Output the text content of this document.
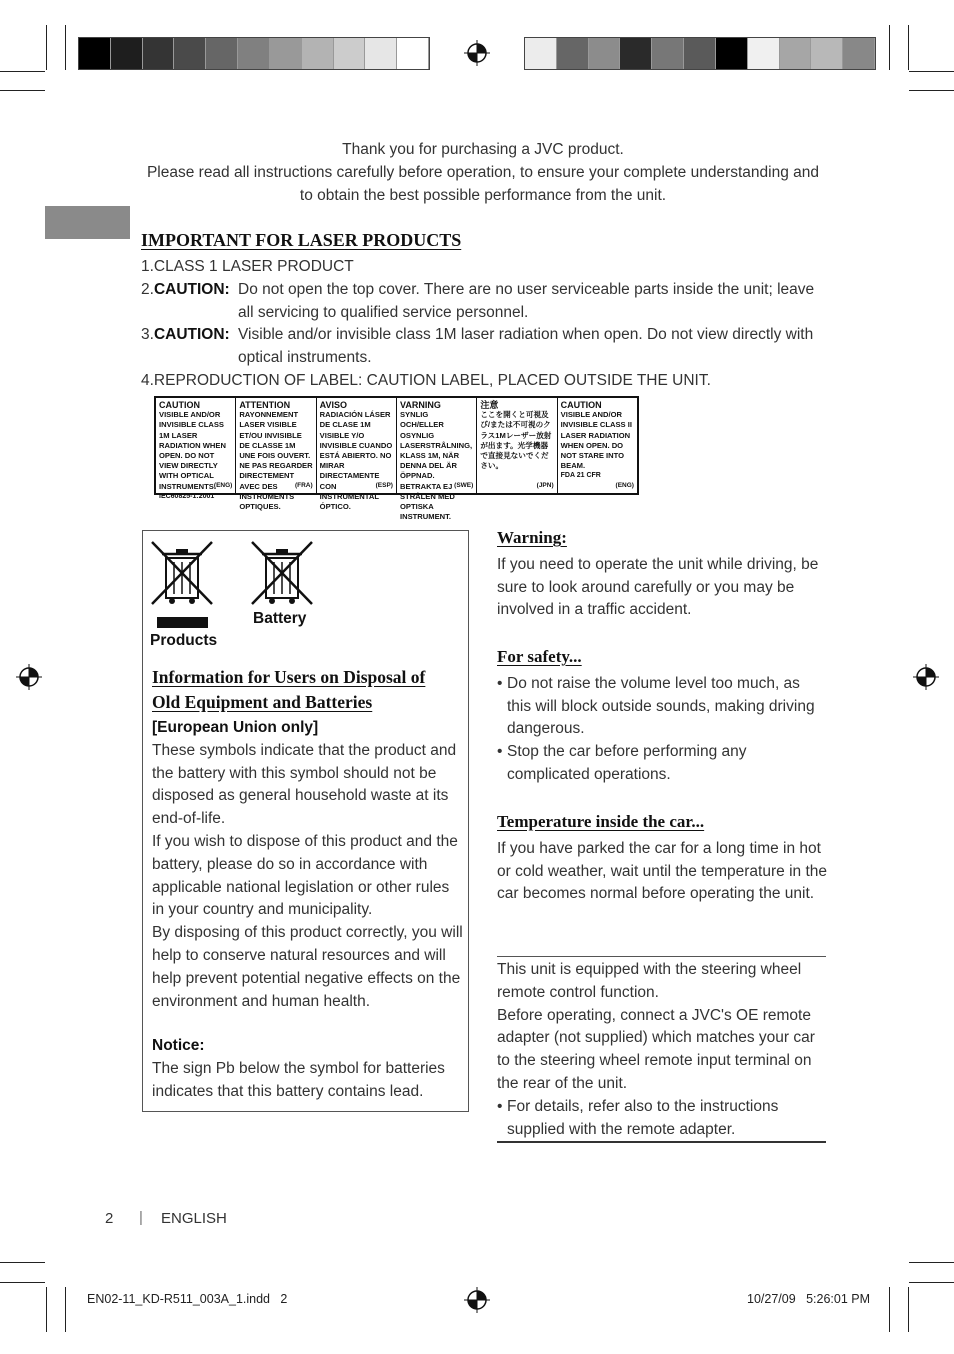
Thank you for purchasing a JVC product.
Please read all instructions carefully before operation, to ensure your complete understanding and to obtain the best possible performance from the unit.
IMPORTANT FOR LASER PRODUCTS
1.CLASS 1 LASER PRODUCT
2.CAUTION: Do not open the top cover. There are no user serviceable parts inside the unit; leave all servicing to qualified service personnel.
3.CAUTION: Visible and/or invisible class 1M laser radiation when open. Do not view directly with optical instruments.
4.REPRODUCTION OF LABEL: CAUTION LABEL, PLACED OUTSIDE THE UNIT.
CAUTION
VISIBLE AND/OR INVISIBLE CLASS 1M LASER RADIATION WHEN OPEN. DO NOT VIEW DIRECTLY WITH OPTICAL INSTRUMENTS.
IEC60825-1:2001
(ENG)
ATTENTION
RAYONNEMENT LASER VISIBLE ET/OU INVISIBLE DE CLASSE 1M UNE FOIS OUVERT. NE PAS REGARDER DIRECTEMENT AVEC DES INSTRUMENTS OPTIQUES.
(FRA)
AVISO
RADIACIÓN LÁSER DE CLASE 1M VISIBLE Y/O INVISIBLE CUANDO ESTÁ ABIERTO. NO MIRAR DIRECTAMENTE CON INSTRUMENTAL ÓPTICO.
(ESP)
VARNING
SYNLIG OCH/ELLER OSYNLIG LASERSTRÅLNING, KLASS 1M, NÄR DENNA DEL ÄR ÖPPNAD. BETRAKTA EJ STRÅLEN MED OPTISKA INSTRUMENT.
(SWE)
注意
ここを開くと可視及び/または不可視のクラス1Mレーザー放射が出ます。光学機器で直接見ないでください。
(JPN)
CAUTION
VISIBLE AND/OR INVISIBLE CLASS II LASER RADIATION WHEN OPEN. DO NOT STARE INTO BEAM.
FDA 21 CFR
(ENG)
Products
Battery
Information for Users on Disposal of
Old Equipment and Batteries
[European Union only]
These symbols indicate that the product and the battery with this symbol should not be disposed as general household waste at its end-of-life.
If you wish to dispose of this product and the battery, please do so in accordance with applicable national legislation or other rules in your country and municipality.
By disposing of this product correctly, you will help to conserve natural resources and will help prevent potential negative effects on the environment and human health.
Notice:
The sign Pb below the symbol for batteries indicates that this battery contains lead.
Warning:
If you need to operate the unit while driving, be sure to look around carefully or you may be involved in a traffic accident.
For safety...
• Do not raise the volume level too much, as this will block outside sounds, making driving dangerous.
• Stop the car before performing any complicated operations.
Temperature inside the car...
If you have parked the car for a long time in hot or cold weather, wait until the temperature in the car becomes normal before operating the unit.
This unit is equipped with the steering wheel remote control function.
Before operating, connect a JVC's OE remote adapter (not supplied) which matches your car to the steering wheel remote input terminal on the rear of the unit.
• For details, refer also to the instructions supplied with the remote adapter.
2 | ENGLISH
EN02-11_KD-R511_003A_1.indd   2	10/27/09   5:26:01 PM
